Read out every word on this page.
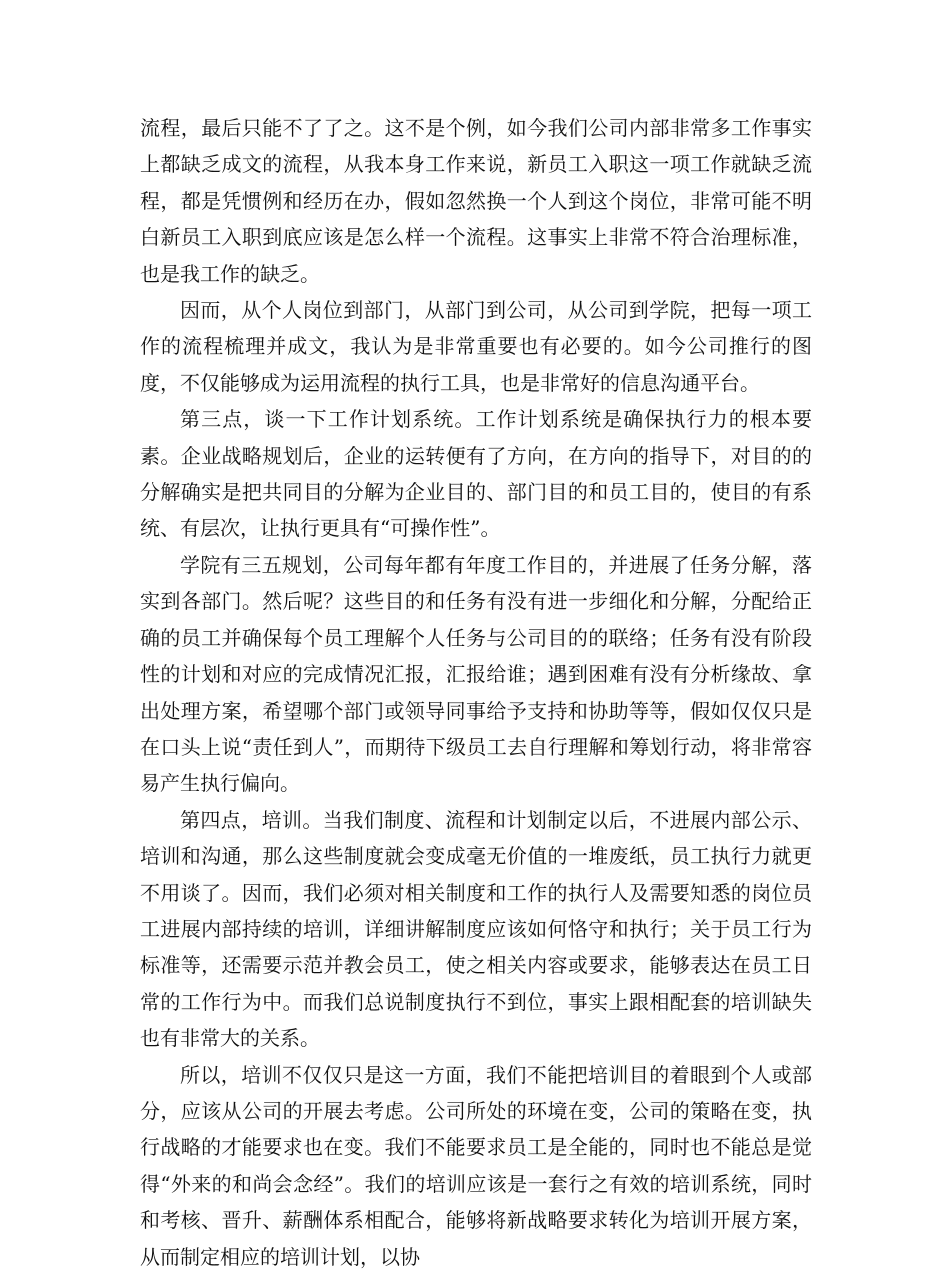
流程，最后只能不了了之。这不是个例，如今我们公司内部非常多工作事实上都缺乏成文的流程，从我本身工作来说，新员工入职这一项工作就缺乏流程，都是凭惯例和经历在办，假如忽然换一个人到这个岗位，非常可能不明白新员工入职到底应该是怎么样一个流程。这事实上非常不符合治理标准，也是我工作的缺乏。

因而，从个人岗位到部门，从部门到公司，从公司到学院，把每一项工作的流程梳理并成文，我认为是非常重要也有必要的。如今公司推行的图度，不仅能够成为运用流程的执行工具，也是非常好的信息沟通平台。

第三点，谈一下工作计划系统。工作计划系统是确保执行力的根本要素。企业战略规划后，企业的运转便有了方向，在方向的指导下，对目的的分解确实是把共同目的分解为企业目的、部门目的和员工目的，使目的有系统、有层次，让执行更具有“可操作性”。

学院有三五规划，公司每年都有年度工作目的，并进展了任务分解，落实到各部门。然后呢？这些目的和任务有没有进一步细化和分解，分配给正确的员工并确保每个员工理解个人任务与公司目的的联络；任务有没有阶段性的计划和对应的完成情况汇报，汇报给谁；遇到困难有没有分析缘故、拿出处理方案，希望哪个部门或领导同事给予支持和协助等等，假如仅仅只是在口头上说“责任到人”，而期待下级员工去自行理解和筹划行动，将非常容易产生执行偏向。

第四点，培训。当我们制度、流程和计划制定以后，不进展内部公示、培训和沟通，那么这些制度就会变成毫无价值的一堆废纸，员工执行力就更不用谈了。因而，我们必须对相关制度和工作的执行人及需要知悉的岗位员工进展内部持续的培训，详细讲解制度应该如何恪守和执行；关于员工行为标准等，还需要示范并教会员工，使之相关内容或要求，能够表达在员工日常的工作行为中。而我们总说制度执行不到位，事实上跟相配套的培训缺失也有非常大的关系。

所以，培训不仅仅只是这一方面，我们不能把培训目的着眼到个人或部分，应该从公司的开展去考虑。公司所处的环境在变，公司的策略在变，执行战略的才能要求也在变。我们不能要求员工是全能的，同时也不能总是觉得“外来的和尚会念经”。我们的培训应该是一套行之有效的培训系统，同时和考核、晋升、薪酬体系相配合，能够将新战略要求转化为培训开展方案，从而制定相应的培训计划，以协
